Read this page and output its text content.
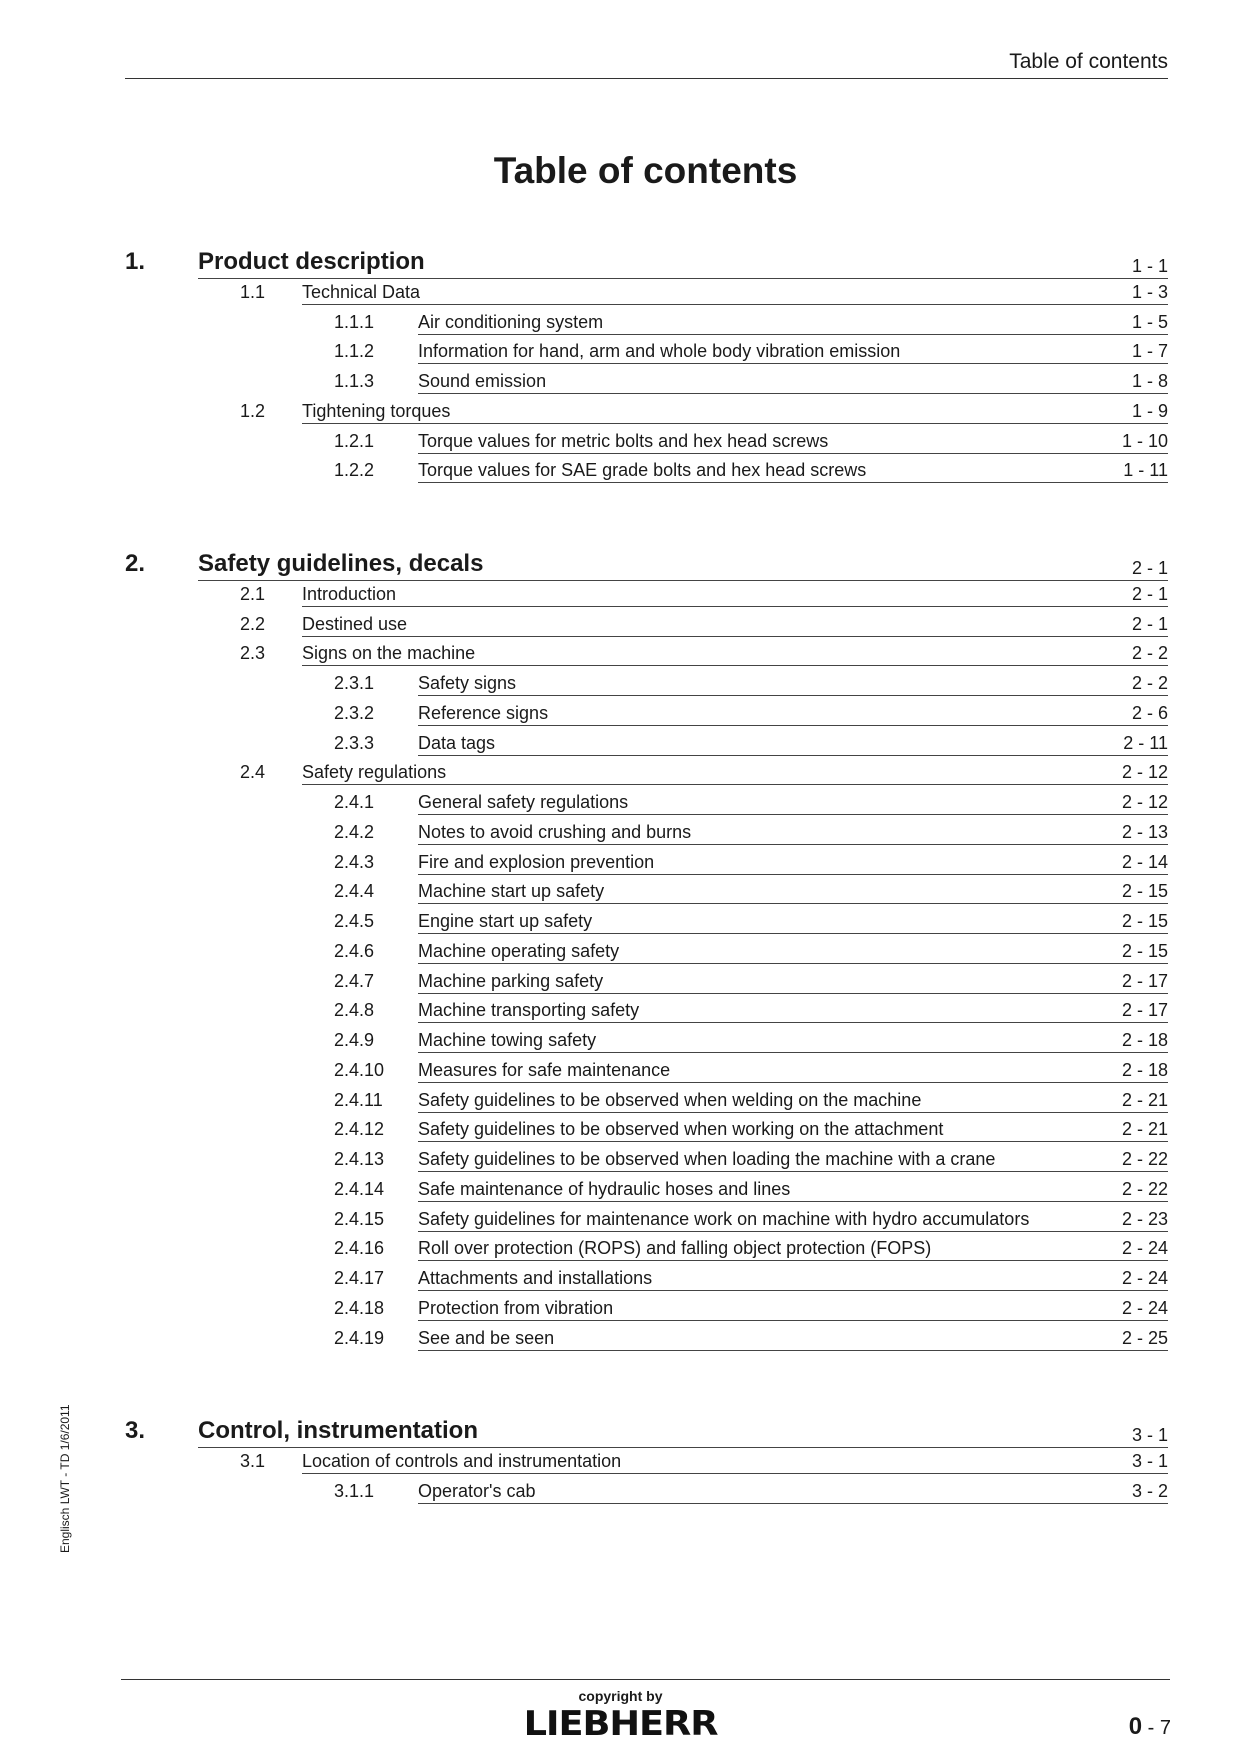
Table of contents
Table of contents
Englisch LWT - TD 1/6/2011
1. Product description	1 - 1
1.1 Technical Data	1 - 3
1.1.1 Air conditioning system	1 - 5
1.1.2 Information for hand, arm and whole body vibration emission	1 - 7
1.1.3 Sound emission	1 - 8
1.2 Tightening torques	1 - 9
1.2.1 Torque values for metric bolts and hex head screws	1 - 10
1.2.2 Torque values for SAE grade bolts and hex head screws	1 - 11
2. Safety guidelines, decals	2 - 1
2.1 Introduction	2 - 1
2.2 Destined use	2 - 1
2.3 Signs on the machine	2 - 2
2.3.1 Safety signs	2 - 2
2.3.2 Reference signs	2 - 6
2.3.3 Data tags	2 - 11
2.4 Safety regulations	2 - 12
2.4.1 General safety regulations	2 - 12
2.4.2 Notes to avoid crushing and burns	2 - 13
2.4.3 Fire and explosion prevention	2 - 14
2.4.4 Machine start up safety	2 - 15
2.4.5 Engine start up safety	2 - 15
2.4.6 Machine operating safety	2 - 15
2.4.7 Machine parking safety	2 - 17
2.4.8 Machine transporting safety	2 - 17
2.4.9 Machine towing safety	2 - 18
2.4.10 Measures for safe maintenance	2 - 18
2.4.11 Safety guidelines to be observed when welding on the machine	2 - 21
2.4.12 Safety guidelines to be observed when working on the attachment	2 - 21
2.4.13 Safety guidelines to be observed when loading the machine with a crane	2 - 22
2.4.14 Safe maintenance of hydraulic hoses and lines	2 - 22
2.4.15 Safety guidelines for maintenance work on machine with hydro accumulators	2 - 23
2.4.16 Roll over protection (ROPS) and falling object protection (FOPS)	2 - 24
2.4.17 Attachments and installations	2 - 24
2.4.18 Protection from vibration	2 - 24
2.4.19 See and be seen	2 - 25
3. Control, instrumentation	3 - 1
3.1 Location of controls and instrumentation	3 - 1
3.1.1 Operator's cab	3 - 2
copyright by
LIEBHERR	0 - 7
